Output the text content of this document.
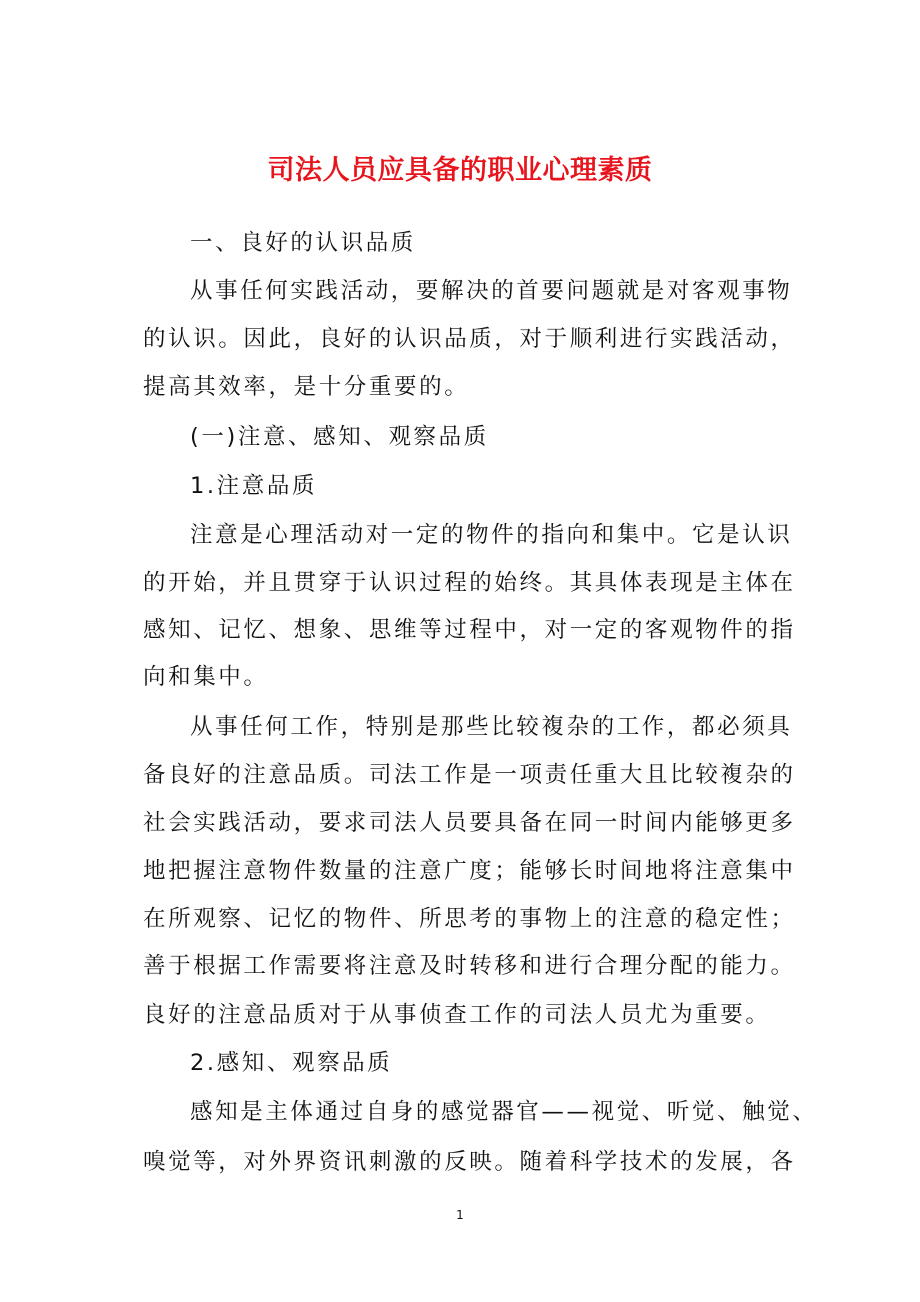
司法人员应具备的职业心理素质
一、良好的认识品质
从事任何实践活动，要解决的首要问题就是对客观事物
的认识。因此，良好的认识品质，对于顺利进行实践活动，
提高其效率，是十分重要的。
(一)注意、感知、观察品质
1.注意品质
注意是心理活动对一定的物件的指向和集中。它是认识
的开始，并且贯穿于认识过程的始终。其具体表现是主体在
感知、记忆、想象、思维等过程中，对一定的客观物件的指
向和集中。
从事任何工作，特别是那些比较複杂的工作，都必须具
备良好的注意品质。司法工作是一项责任重大且比较複杂的
社会实践活动，要求司法人员要具备在同一时间内能够更多
地把握注意物件数量的注意广度；能够长时间地将注意集中
在所观察、记忆的物件、所思考的事物上的注意的稳定性；
善于根据工作需要将注意及时转移和进行合理分配的能力。
良好的注意品质对于从事侦查工作的司法人员尤为重要。
2.感知、观察品质
感知是主体通过自身的感觉器官——视觉、听觉、触觉、
嗅觉等，对外界资讯刺激的反映。随着科学技术的发展，各
1
